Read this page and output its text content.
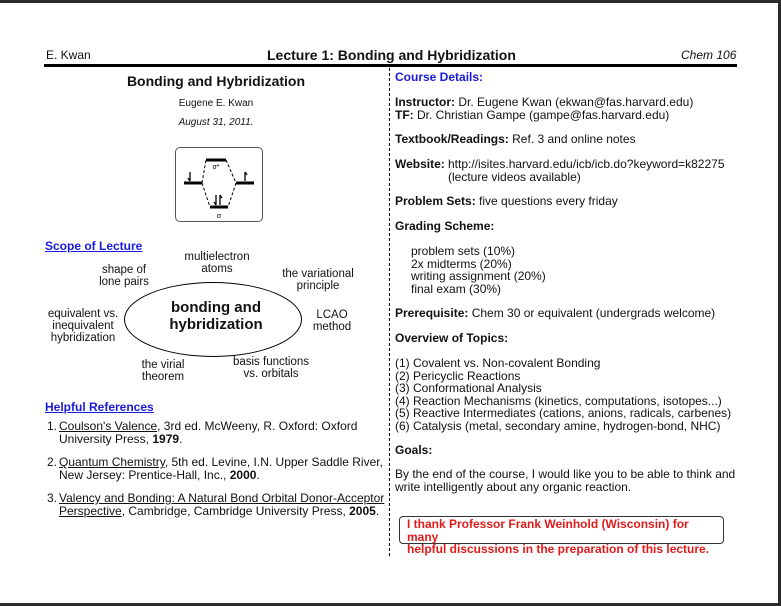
E. Kwan	Lecture 1: Bonding and Hybridization	Chem 106
Bonding and Hybridization
Eugene E. Kwan
August 31, 2011.
σ*
σ
Scope of Lecture
multielectron
atoms
shape of
lone pairs
the variational
principle
equivalent vs.
inequivalent
hybridization
LCAO
method
bonding and
hybridization
the virial
theorem
basis functions
vs. orbitals
Helpful References
1. Coulson's Valence, 3rd ed. McWeeny, R. Oxford: Oxford University Press, 1979.
2. Quantum Chemistry, 5th ed. Levine, I.N. Upper Saddle River, New Jersey: Prentice-Hall, Inc., 2000.
3. Valency and Bonding: A Natural Bond Orbital Donor-Acceptor Perspective, Cambridge, Cambridge University Press, 2005.
Course Details:
Instructor: Dr. Eugene Kwan (ekwan@fas.harvard.edu)
TF: Dr. Christian Gampe (gampe@fas.harvard.edu)
Textbook/Readings: Ref. 3 and online notes
Website: http://isites.harvard.edu/icb/icb.do?keyword=k82275
(lecture videos available)
Problem Sets: five questions every friday
Grading Scheme:
problem sets (10%)
2x midterms (20%)
writing assignment (20%)
final exam (30%)
Prerequisite: Chem 30 or equivalent (undergrads welcome)
Overview of Topics:
(1) Covalent vs. Non-covalent Bonding
(2) Pericyclic Reactions
(3) Conformational Analysis
(4) Reaction Mechanisms (kinetics, computations, isotopes...)
(5) Reactive Intermediates (cations, anions, radicals, carbenes)
(6) Catalysis (metal, secondary amine, hydrogen-bond, NHC)
Goals:
By the end of the course, I would like you to be able to think and
write intelligently about any organic reaction.
I thank Professor Frank Weinhold (Wisconsin) for many
helpful discussions in the preparation of this lecture.
